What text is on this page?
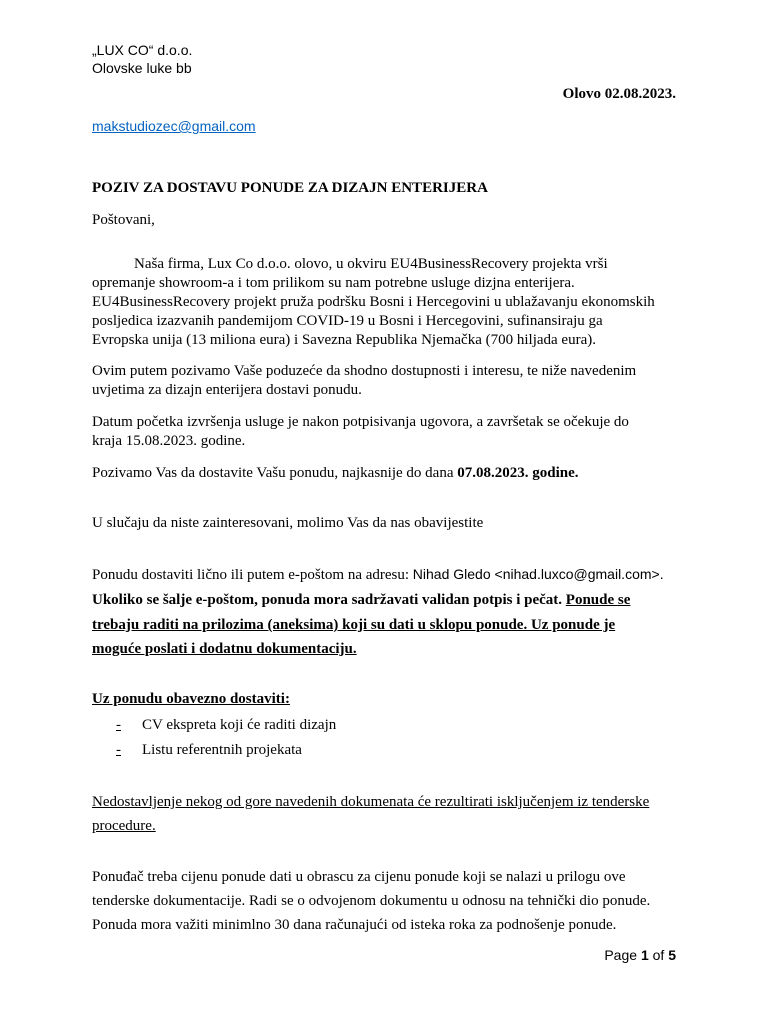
„LUX CO“ d.o.o.
Olovske luke bb
Olovo 02.08.2023.
makstudiozec@gmail.com
POZIV ZA DOSTAVU PONUDE ZA DIZAJN ENTERIJERA
Poštovani,
Naša firma, Lux Co d.o.o. olovo, u okviru EU4BusinessRecovery projekta vrši
opremanje showroom-a i tom prilikom su nam potrebne usluge dizjna enterijera.
EU4BusinessRecovery projekt pruža podršku Bosni i Hercegovini u ublažavanju ekonomskih
posljedica izazvanih pandemijom COVID-19 u Bosni i Hercegovini, sufinansiraju ga
Evropska unija (13 miliona eura) i Savezna Republika Njemačka (700 hiljada eura).
Ovim putem pozivamo Vaše poduzeće da shodno dostupnosti i interesu, te niže navedenim
uvjetima za dizajn enterijera dostavi ponudu.
Datum početka izvršenja usluge je nakon potpisivanja ugovora, a završetak se očekuje do
kraja 15.08.2023. godine.
Pozivamo Vas da dostavite Vašu ponudu, najkasnije do dana 07.08.2023. godine.
U slučaju da niste zainteresovani, molimo Vas da nas obavijestite
Ponudu dostaviti lično ili putem e-poštom na adresu: Nihad Gledo <nihad.luxco@gmail.com>.
Ukoliko se šalje e-poštom, ponuda mora sadržavati validan potpis i pečat. Ponude se
trebaju raditi na prilozima (aneksima) koji su dati u sklopu ponude. Uz ponude je
moguće poslati i dodatnu dokumentaciju.
Uz ponudu obavezno dostaviti:
- CV ekspreta koji će raditi dizajn
- Listu referentnih projekata
Nedostavljenje nekog od gore navedenih dokumenata će rezultirati isključenjem iz tenderske
procedure.
Ponuđač treba cijenu ponude dati u obrascu za cijenu ponude koji se nalazi u prilogu ove
tenderske dokumentacije. Radi se o odvojenom dokumentu u odnosu na tehnički dio ponude.
Ponuda mora važiti minimlno 30 dana računajući od isteka roka za podnošenje ponude.
Page 1 of 5
